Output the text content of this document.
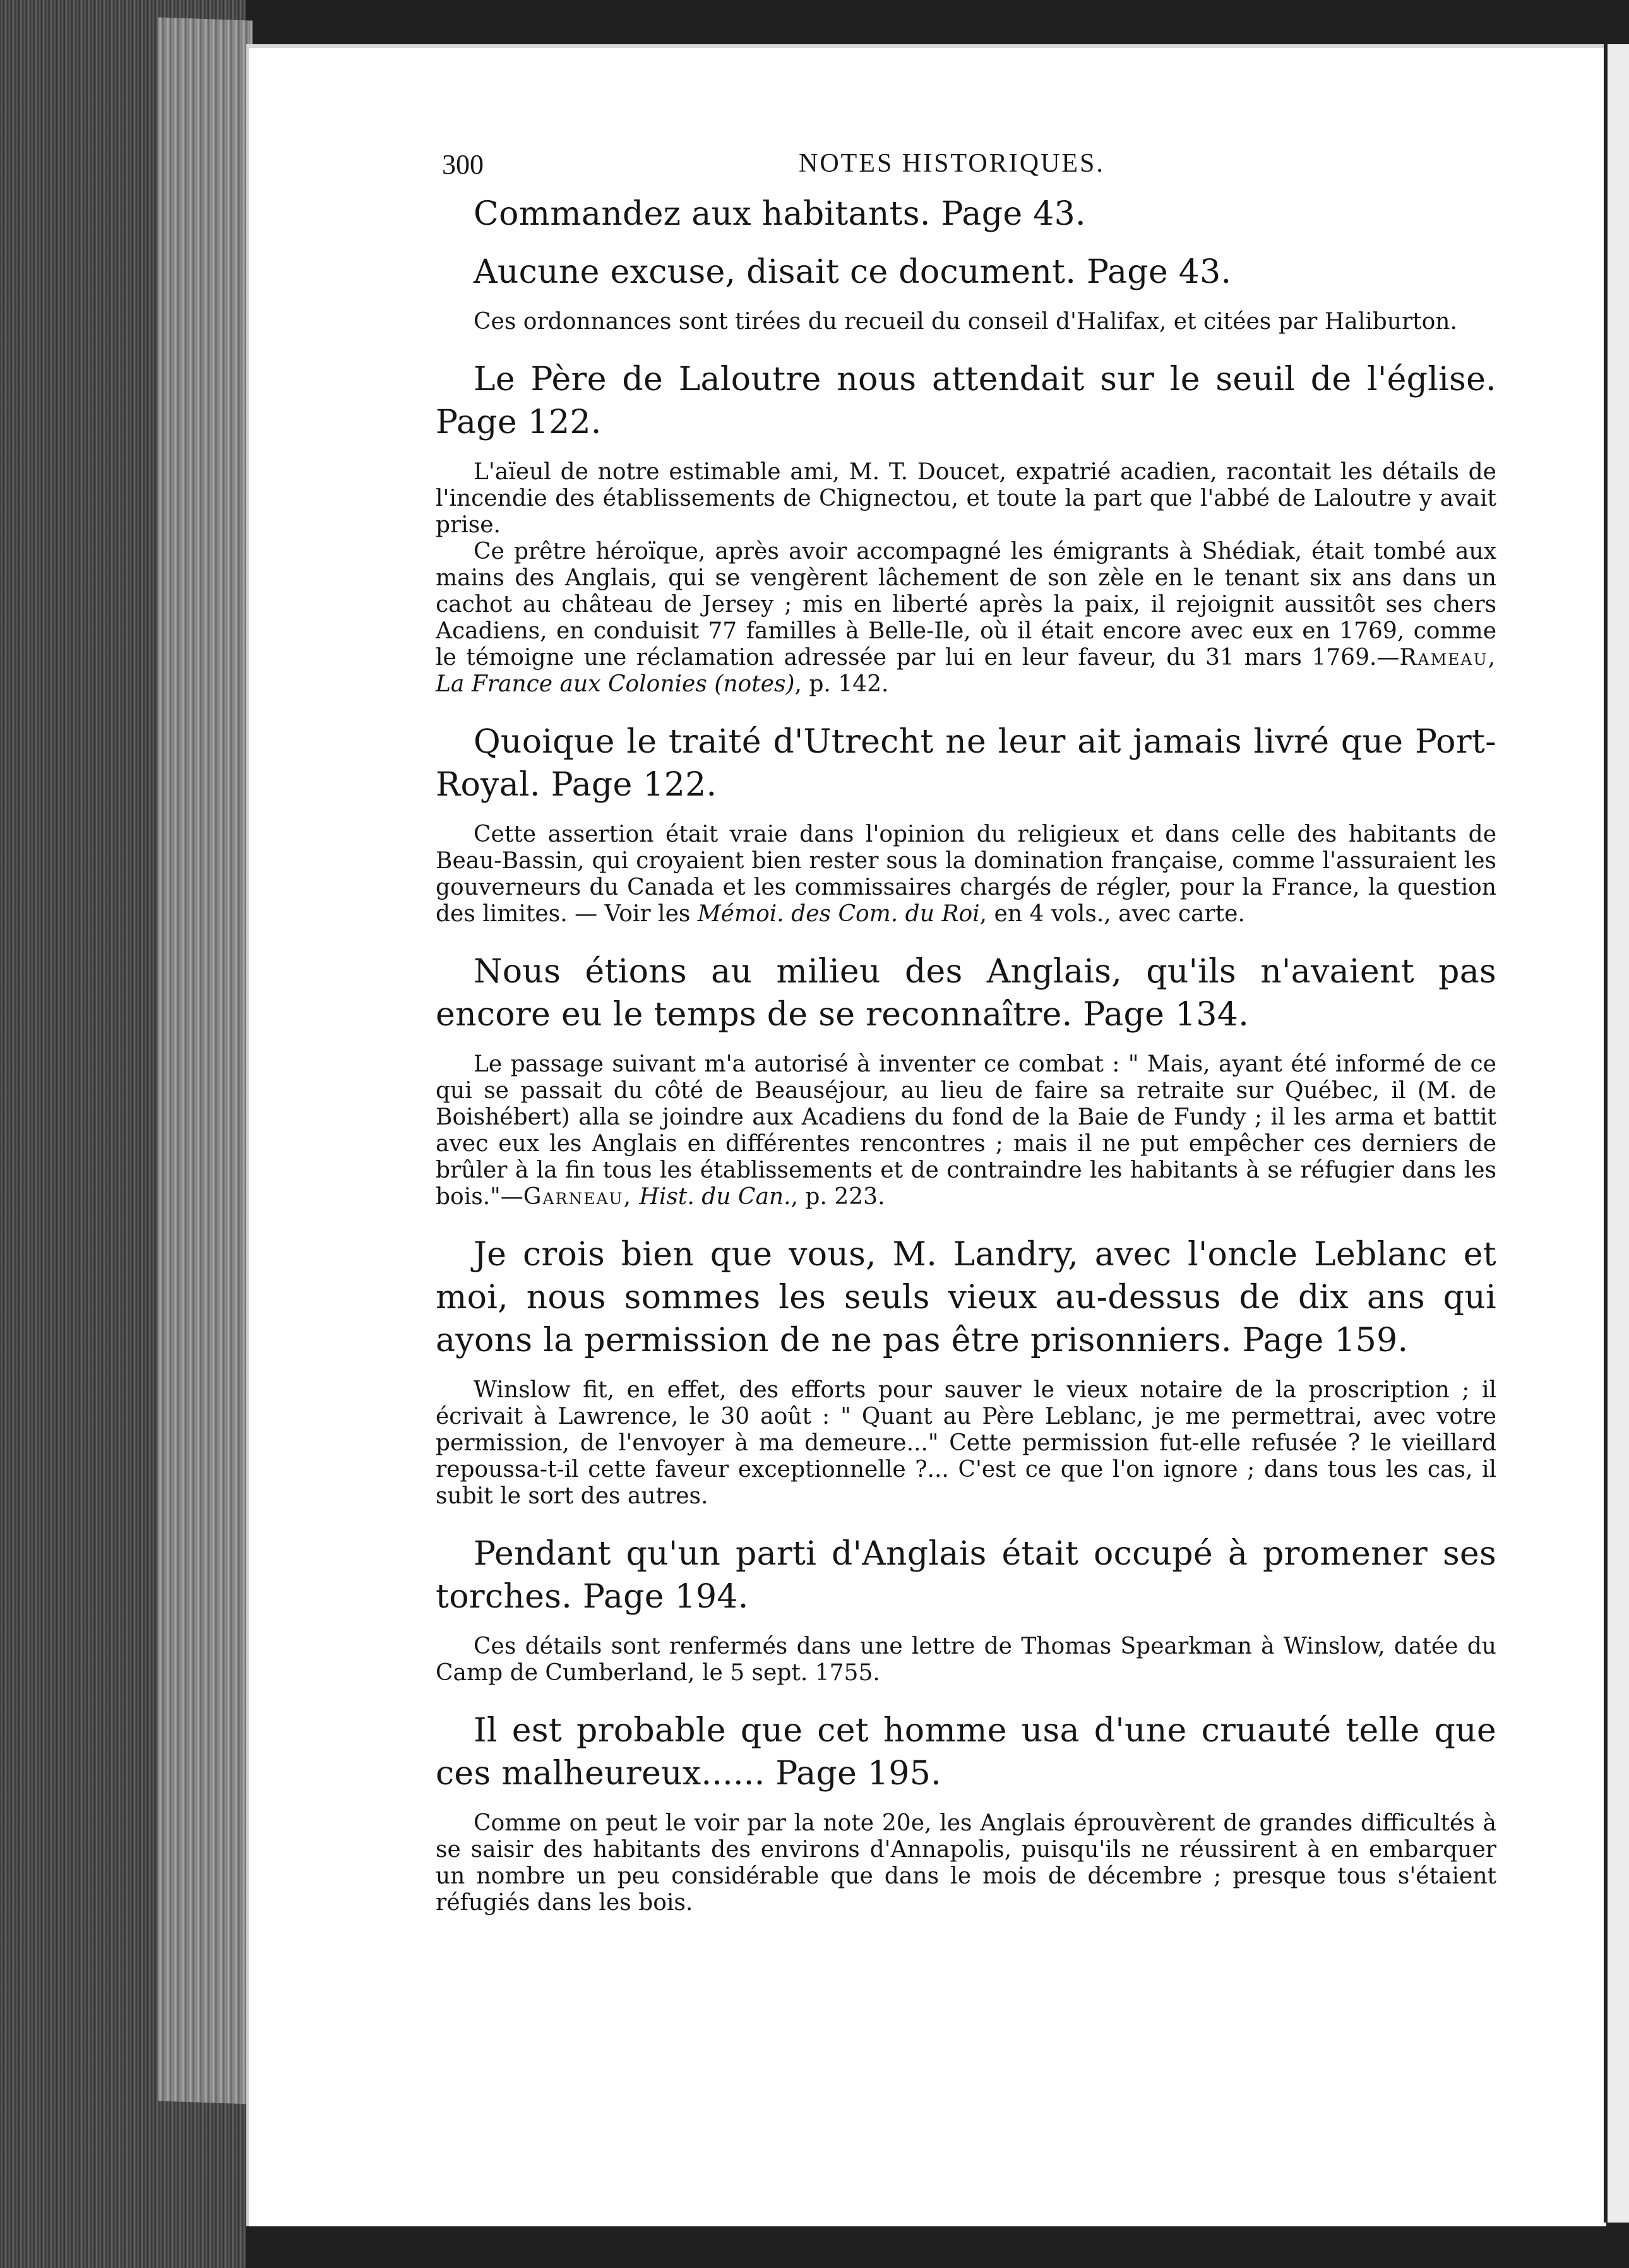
300	NOTES HISTORIQUES.

Commandez aux habitants. Page 43.

Aucune excuse, disait ce document. Page 43.

Ces ordonnances sont tirées du recueil du conseil d'Halifax, et citées par Haliburton.

Le Père de Laloutre nous attendait sur le seuil de l'église. Page 122.

L'aïeul de notre estimable ami, M. T. Doucet, expatrié acadien, racontait les détails de l'incendie des établissements de Chignectou, et toute la part que l'abbé de Laloutre y avait prise.

Ce prêtre héroïque, après avoir accompagné les émigrants à Shédiak, était tombé aux mains des Anglais, qui se vengèrent lâchement de son zèle en le tenant six ans dans un cachot au château de Jersey ; mis en liberté après la paix, il rejoignit aussitôt ses chers Acadiens, en conduisit 77 familles à Belle-Ile, où il était encore avec eux en 1769, comme le témoigne une réclamation adressée par lui en leur faveur, du 31 mars 1769.—Rameau, La France aux Colonies (notes), p. 142.

Quoique le traité d'Utrecht ne leur ait jamais livré que Port-Royal. Page 122.

Cette assertion était vraie dans l'opinion du religieux et dans celle des habitants de Beau-Bassin, qui croyaient bien rester sous la domination française, comme l'assuraient les gouverneurs du Canada et les commissaires chargés de régler, pour la France, la question des limites. — Voir les Mémoi. des Com. du Roi, en 4 vols., avec carte.

Nous étions au milieu des Anglais, qu'ils n'avaient pas encore eu le temps de se reconnaître. Page 134.

Le passage suivant m'a autorisé à inventer ce combat : " Mais, ayant été informé de ce qui se passait du côté de Beauséjour, au lieu de faire sa retraite sur Québec, il (M. de Boishébert) alla se joindre aux Acadiens du fond de la Baie de Fundy ; il les arma et battit avec eux les Anglais en différentes rencontres ; mais il ne put empêcher ces derniers de brûler à la fin tous les établissements et de contraindre les habitants à se réfugier dans les bois."—Garneau, Hist. du Can., p. 223.

Je crois bien que vous, M. Landry, avec l'oncle Leblanc et moi, nous sommes les seuls vieux au-dessus de dix ans qui ayons la permission de ne pas être prisonniers. Page 159.

Winslow fit, en effet, des efforts pour sauver le vieux notaire de la proscription ; il écrivait à Lawrence, le 30 août : " Quant au Père Leblanc, je me permettrai, avec votre permission, de l'envoyer à ma demeure..." Cette permission fut-elle refusée ? le vieillard repoussa-t-il cette faveur exceptionnelle ?... C'est ce que l'on ignore ; dans tous les cas, il subit le sort des autres.

Pendant qu'un parti d'Anglais était occupé à promener ses torches. Page 194.

Ces détails sont renfermés dans une lettre de Thomas Spearkman à Winslow, datée du Camp de Cumberland, le 5 sept. 1755.

Il est probable que cet homme usa d'une cruauté telle que ces malheureux...... Page 195.

Comme on peut le voir par la note 20e, les Anglais éprouvèrent de grandes difficultés à se saisir des habitants des environs d'Annapolis, puisqu'ils ne réussirent à en embarquer un nombre un peu considérable que dans le mois de décembre ; presque tous s'étaient réfugiés dans les bois.
